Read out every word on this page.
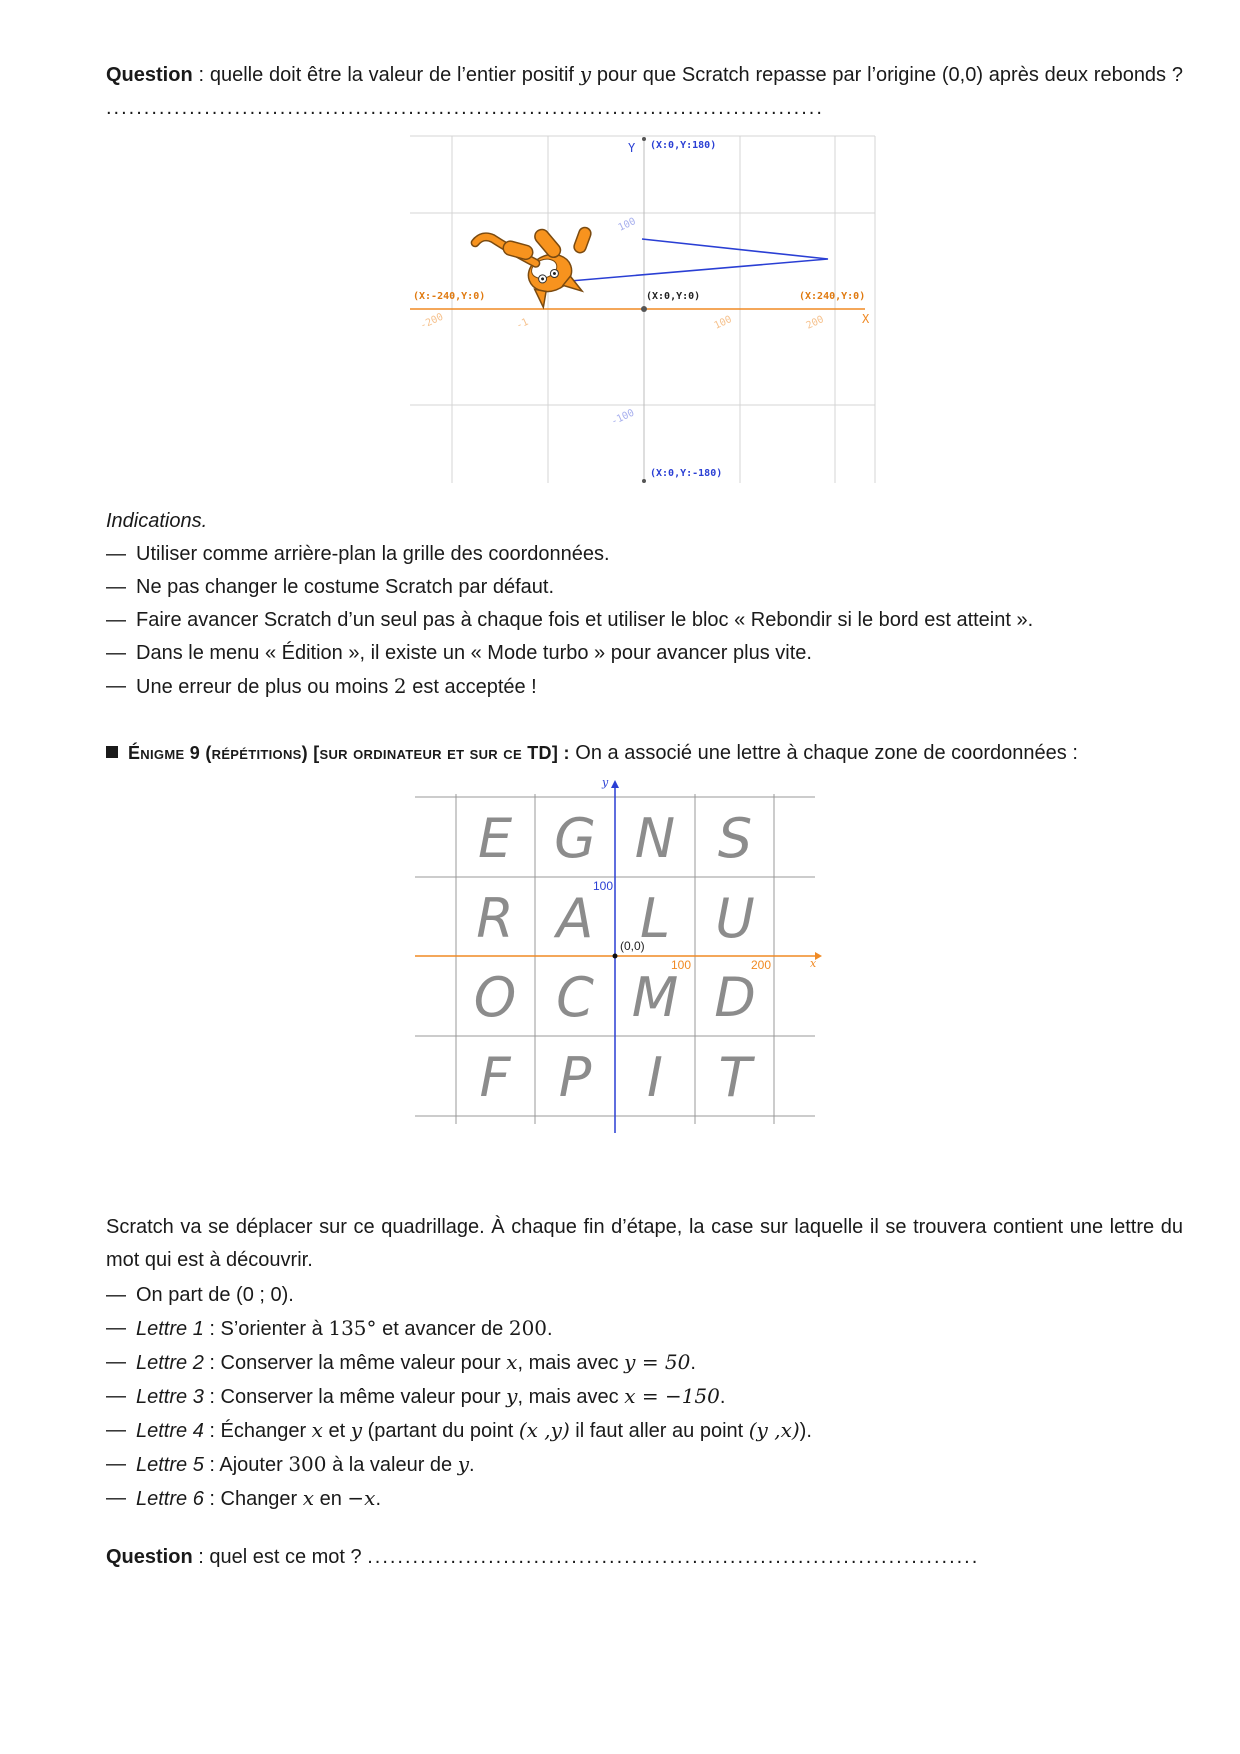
Question : quelle doit être la valeur de l’entier positif y pour que Scratch repasse par l’origine (0,0) après deux rebonds ? ...............................................................................................

Y
X
(X:0,Y:180)
(X:0,Y:-180)
(X:-240,Y:0)	(X:0,Y:0)	(X:240,Y:0)
100
-100
-200	-1	100	200

Indications.

— Utiliser comme arrière-plan la grille des coordonnées.
— Ne pas changer le costume Scratch par défaut.
— Faire avancer Scratch d’un seul pas à chaque fois et utiliser le bloc « Rebondir si le bord est atteint ».
— Dans le menu « Édition », il existe un « Mode turbo » pour avancer plus vite.
— Une erreur de plus ou moins 2 est acceptée !

Énigme 9 (répétitions) [sur ordinateur et sur ce TD] : On a associé une lettre à chaque zone de coordonnées :

y
x
100
(0,0)
100	200
E G N S
R A L U
O C M D
F P I T

Scratch va se déplacer sur ce quadrillage. À chaque fin d’étape, la case sur laquelle il se trouvera contient une lettre du mot qui est à découvrir.

— On part de (0 ; 0).
— Lettre 1 : S’orienter à 135° et avancer de 200.
— Lettre 2 : Conserver la même valeur pour x, mais avec y = 50.
— Lettre 3 : Conserver la même valeur pour y, mais avec x = −150.
— Lettre 4 : Échanger x et y (partant du point (x ,y) il faut aller au point (y ,x)).
— Lettre 5 : Ajouter 300 à la valeur de y.
— Lettre 6 : Changer x en −x.

Question : quel est ce mot ? .................................................................................
